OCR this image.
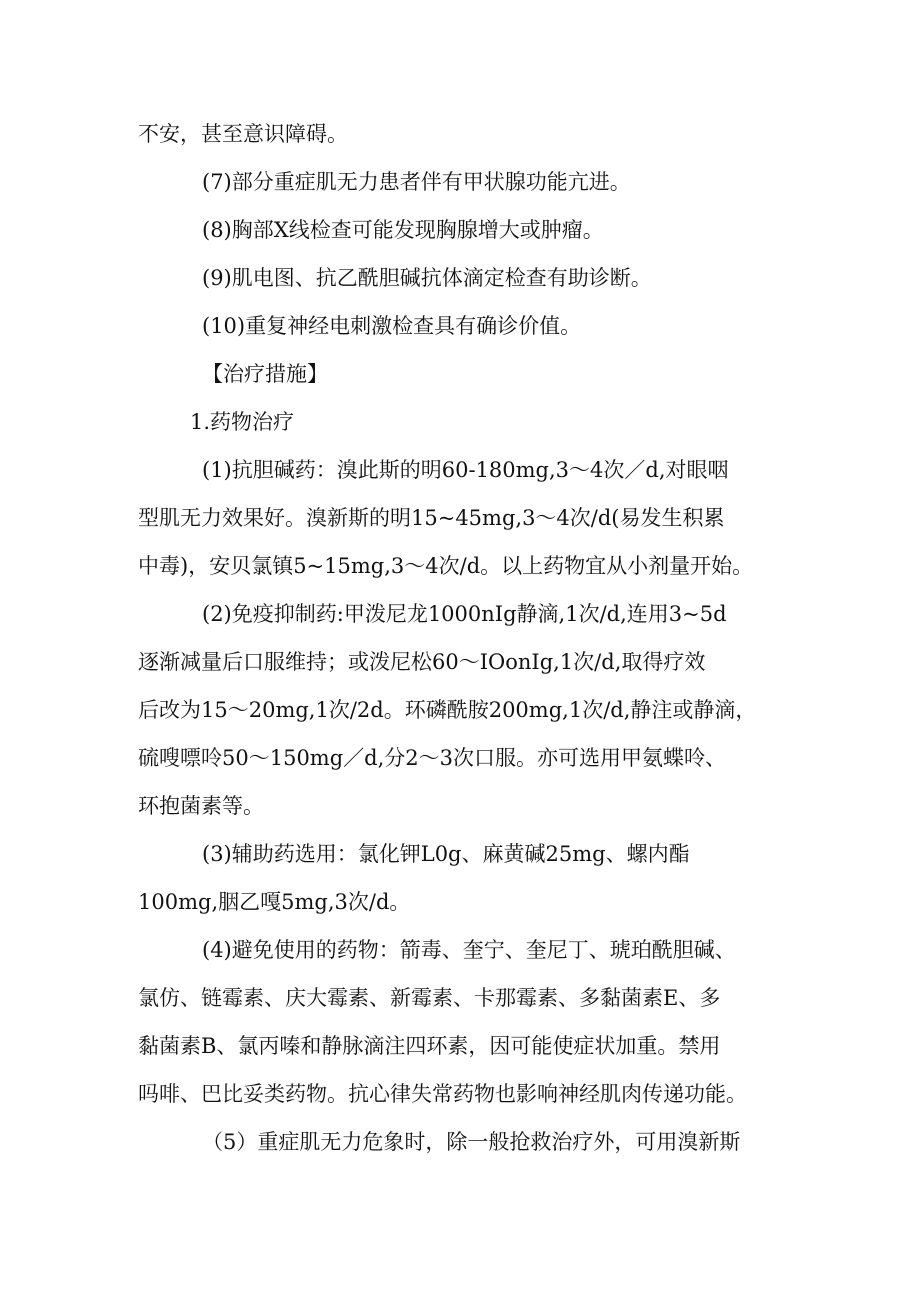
不安，甚至意识障碍。
(7)部分重症肌无力患者伴有甲状腺功能亢进。
(8)胸部X线检查可能发现胸腺增大或肿瘤。
(9)肌电图、抗乙酰胆碱抗体滴定检查有助诊断。
(10)重复神经电刺激检查具有确诊价值。
【治疗措施】
1.药物治疗
(1)抗胆碱药：溴此斯的明60-180mg,3～4次／d,对眼咽
型肌无力效果好。溴新斯的明15~45mg,3～4次/d(易发生积累
中毒)，安贝氯镇5~15mg,3～4次/d。以上药物宜从小剂量开始。
(2)免疫抑制药:甲泼尼龙1000nIg静滴,1次/d,连用3~5d
逐渐减量后口服维持；或泼尼松60～IOonIg,1次/d,取得疗效
后改为15～20mg,1次/2d。环磷酰胺200mg,1次/d,静注或静滴，
硫嗖嘌呤50～150mg／d,分2～3次口服。亦可选用甲氨蝶呤、
环抱菌素等。
(3)辅助药选用：氯化钾L0g、麻黄碱25mg、螺内酯
100mg,胭乙嘎5mg,3次/d。
(4)避免使用的药物：箭毒、奎宁、奎尼丁、琥珀酰胆碱、
氯仿、链霉素、庆大霉素、新霉素、卡那霉素、多黏菌素E、多
黏菌素B、氯丙嗪和静脉滴注四环素，因可能使症状加重。禁用
吗啡、巴比妥类药物。抗心律失常药物也影响神经肌肉传递功能。
（5）重症肌无力危象时，除一般抢救治疗外，可用溴新斯
